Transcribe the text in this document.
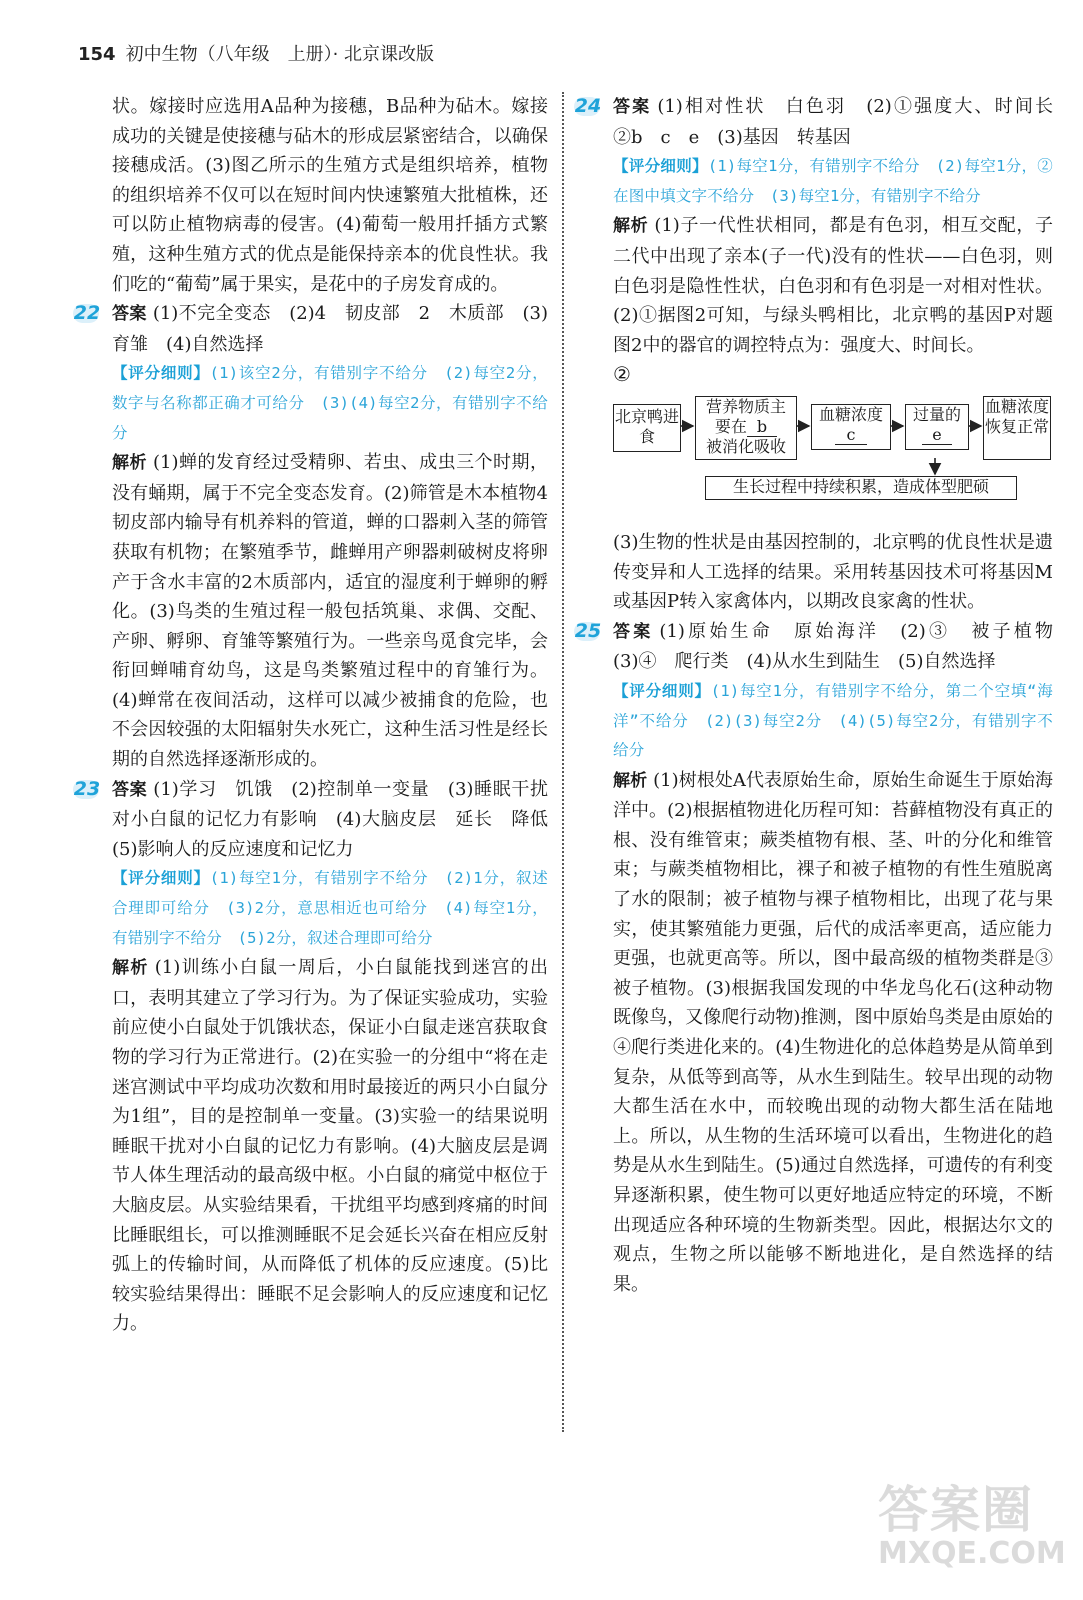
154 初中生物（八年级　上册）· 北京课改版

状。嫁接时应选用A品种为接穗，B品种为砧木。嫁接成功的关键是使接穗与砧木的形成层紧密结合，以确保接穗成活。(3)图乙所示的生殖方式是组织培养，植物的组织培养不仅可以在短时间内快速繁殖大批植株，还可以防止植物病毒的侵害。(4)葡萄一般用扦插方式繁殖，这种生殖方式的优点是能保持亲本的优良性状。我们吃的“葡萄”属于果实，是花中的子房发育成的。

22 答案 (1)不完全变态　(2)4　韧皮部　2　木质部　(3)育雏　(4)自然选择

【评分细则】(1)该空2分，有错别字不给分　(2)每空2分，数字与名称都正确才可给分　(3)(4)每空2分，有错别字不给分

解析 (1)蝉的发育经过受精卵、若虫、成虫三个时期，没有蛹期，属于不完全变态发育。(2)筛管是木本植物4韧皮部内输导有机养料的管道，蝉的口器刺入茎的筛管获取有机物；在繁殖季节，雌蝉用产卵器刺破树皮将卵产于含水丰富的2木质部内，适宜的湿度利于蝉卵的孵化。(3)鸟类的生殖过程一般包括筑巢、求偶、交配、产卵、孵卵、育雏等繁殖行为。一些亲鸟觅食完毕，会衔回蝉哺育幼鸟，这是鸟类繁殖过程中的育雏行为。(4)蝉常在夜间活动，这样可以减少被捕食的危险，也不会因较强的太阳辐射失水死亡，这种生活习性是经长期的自然选择逐渐形成的。

23 答案 (1)学习　饥饿　(2)控制单一变量　(3)睡眠干扰对小白鼠的记忆力有影响　(4)大脑皮层　延长　降低　(5)影响人的反应速度和记忆力

【评分细则】(1)每空1分，有错别字不给分　(2)1分，叙述合理即可给分　(3)2分，意思相近也可给分　(4)每空1分，有错别字不给分　(5)2分，叙述合理即可给分

解析 (1)训练小白鼠一周后，小白鼠能找到迷宫的出口，表明其建立了学习行为。为了保证实验成功，实验前应使小白鼠处于饥饿状态，保证小白鼠走迷宫获取食物的学习行为正常进行。(2)在实验一的分组中“将在走迷宫测试中平均成功次数和用时最接近的两只小白鼠分为1组”，目的是控制单一变量。(3)实验一的结果说明睡眠干扰对小白鼠的记忆力有影响。(4)大脑皮层是调节人体生理活动的最高级中枢。小白鼠的痛觉中枢位于大脑皮层。从实验结果看，干扰组平均感到疼痛的时间比睡眠组长，可以推测睡眠不足会延长兴奋在相应反射弧上的传输时间，从而降低了机体的反应速度。(5)比较实验结果得出：睡眠不足会影响人的反应速度和记忆力。

24 答案 (1)相对性状　白色羽　(2)①强度大、时间长　②b　c　e　(3)基因　转基因

【评分细则】(1)每空1分，有错别字不给分　(2)每空1分，②在图中填文字不给分　(3)每空1分，有错别字不给分

解析 (1)子一代性状相同，都是有色羽，相互交配，子二代中出现了亲本(子一代)没有的性状——白色羽，则白色羽是隐性性状，白色羽和有色羽是一对相对性状。(2)①据图2可知，与绿头鸭相比，北京鸭的基因P对题图2中的器官的调控特点为：强度大、时间长。

②

北京鸭进食
营养物质主
要在 b
被消化吸收
血糖浓度
c
过量的
e
血糖浓度恢复正常
生长过程中持续积累，造成体型肥硕

(3)生物的性状是由基因控制的，北京鸭的优良性状是遗传变异和人工选择的结果。采用转基因技术可将基因M或基因P转入家禽体内，以期改良家禽的性状。

25 答案 (1)原始生命　原始海洋　(2)③　被子植物　(3)④　爬行类　(4)从水生到陆生　(5)自然选择

【评分细则】(1)每空1分，有错别字不给分，第二个空填“海洋”不给分　(2)(3)每空2分　(4)(5)每空2分，有错别字不给分

解析 (1)树根处A代表原始生命，原始生命诞生于原始海洋中。(2)根据植物进化历程可知：苔藓植物没有真正的根、没有维管束；蕨类植物有根、茎、叶的分化和维管束；与蕨类植物相比，裸子和被子植物的有性生殖脱离了水的限制；被子植物与裸子植物相比，出现了花与果实，使其繁殖能力更强，后代的成活率更高，适应能力更强，也就更高等。所以，图中最高级的植物类群是③被子植物。(3)根据我国发现的中华龙鸟化石(这种动物既像鸟，又像爬行动物)推测，图中原始鸟类是由原始的④爬行类进化来的。(4)生物进化的总体趋势是从简单到复杂，从低等到高等，从水生到陆生。较早出现的动物大都生活在水中，而较晚出现的动物大都生活在陆地上。所以，从生物的生活环境可以看出，生物进化的趋势是从水生到陆生。(5)通过自然选择，可遗传的有利变异逐渐积累，使生物可以更好地适应特定的环境，不断出现适应各种环境的生物新类型。因此，根据达尔文的观点，生物之所以能够不断地进化，是自然选择的结果。

答案圈
MXQE.COM
